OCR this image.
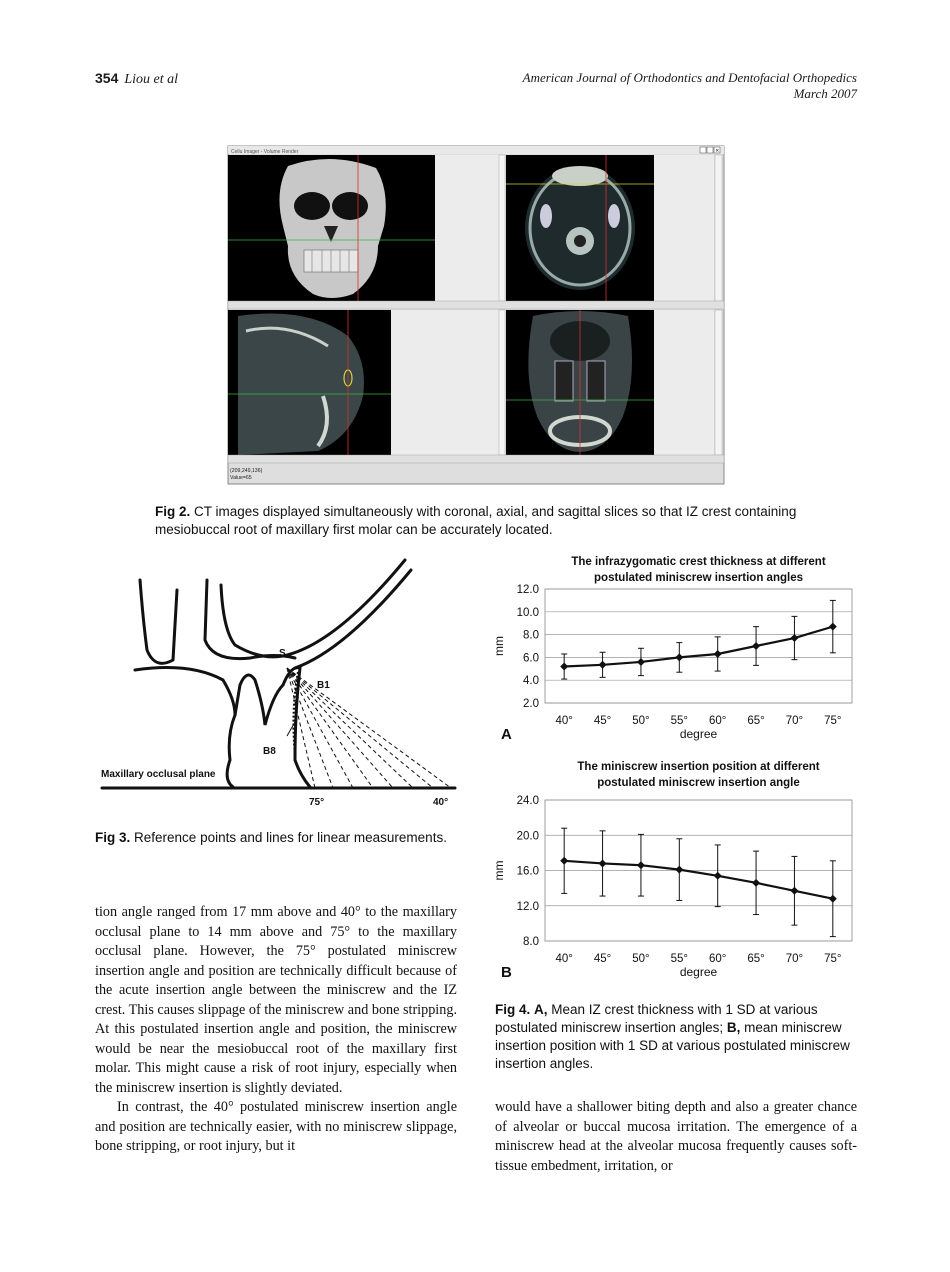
354 Liou et al	American Journal of Orthodontics and Dentofacial Orthopedics
March 2007
Cellu Imager - Volume Render	×
(209,249,136)
Value=65
Fig 2. CT images displayed simultaneously with coronal, axial, and sagittal slices so that IZ crest containing mesiobuccal root of maxillary first molar can be accurately located.
S
B1
B8
Maxillary occlusal plane
75°	40°
Fig 3. Reference points and lines for linear measurements.
The infrazygomatic crest thickness at different
postulated miniscrew insertion angles
2.0
4.0
6.0
8.0
10.0
12.0
40° 45° 50° 55° 60° 65° 70° 75°
degree
mm
A
The miniscrew insertion position at different
postulated miniscrew insertion angle
8.0
12.0
16.0
20.0
24.0
40° 45° 50° 55° 60° 65° 70° 75°
degree
mm
B
Fig 4. A, Mean IZ crest thickness with 1 SD at various postulated miniscrew insertion angles; B, mean miniscrew insertion position with 1 SD at various postulated miniscrew insertion angles.

tion angle ranged from 17 mm above and 40° to the maxillary occlusal plane to 14 mm above and 75° to the maxillary occlusal plane. However, the 75° postulated miniscrew insertion angle and position are technically difficult because of the acute insertion angle between the miniscrew and the IZ crest. This causes slippage of the miniscrew and bone stripping. At this postulated insertion angle and position, the miniscrew would be near the mesiobuccal root of the maxillary first molar. This might cause a risk of root injury, especially when the miniscrew insertion is slightly deviated.

In contrast, the 40° postulated miniscrew insertion angle and position are technically easier, with no miniscrew slippage, bone stripping, or root injury, but it

would have a shallower biting depth and also a greater chance of alveolar or buccal mucosa irritation. The emergence of a miniscrew head at the alveolar mucosa frequently causes soft-tissue embedment, irritation, or
